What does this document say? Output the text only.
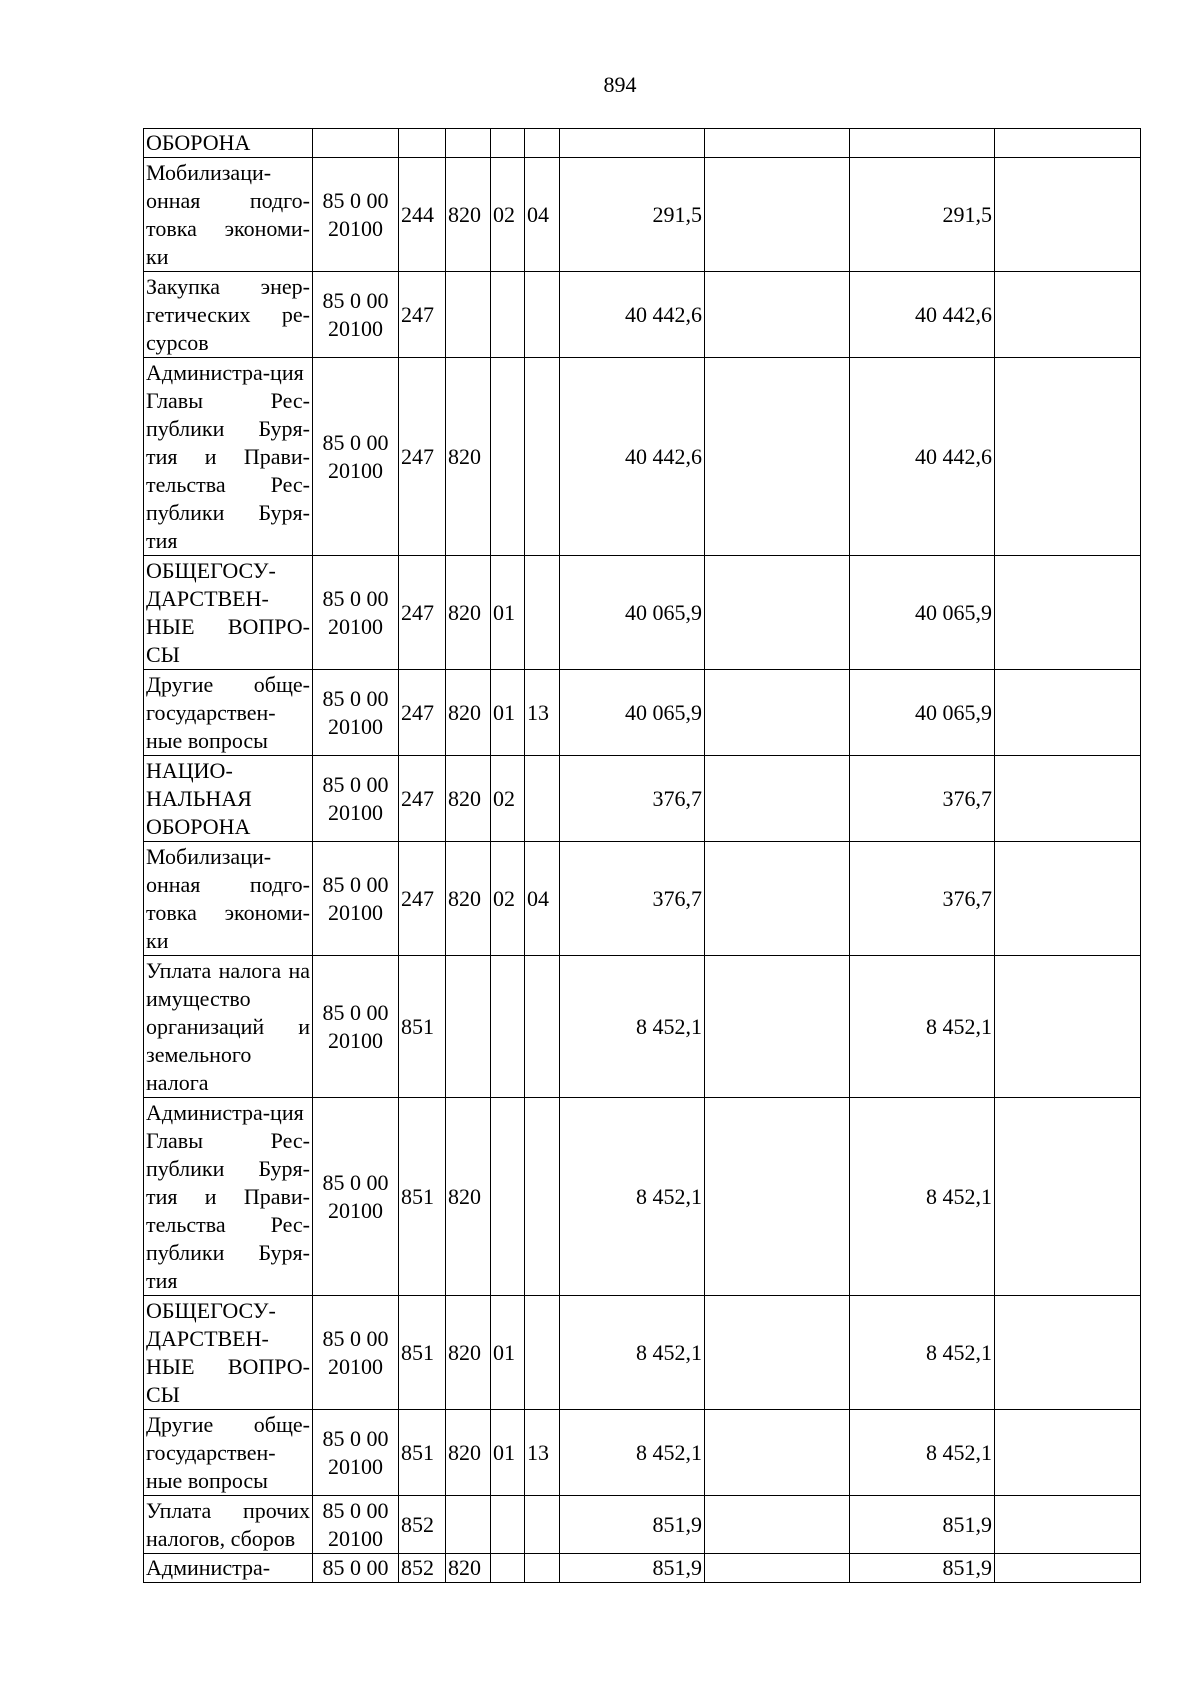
894
ОБОРОНА									
Мобилизаци-онная подго-товка экономи-ки	85 0 00 20100	244	820	02	04	291,5		291,5	
Закупка энер-гетических ре-сурсов	85 0 00 20100	247				40 442,6		40 442,6	
Администра-ция Главы Рес-публики Буря-тия и Прави-тельства Рес-публики Буря-тия	85 0 00 20100	247	820			40 442,6		40 442,6	
ОБЩЕГОСУ-ДАРСТВЕН-НЫЕ ВОПРО-СЫ	85 0 00 20100	247	820	01		40 065,9		40 065,9	
Другие обще-государствен-ные вопросы	85 0 00 20100	247	820	01	13	40 065,9		40 065,9	
НАЦИО-НАЛЬНАЯ ОБОРОНА	85 0 00 20100	247	820	02		376,7		376,7	
Мобилизаци-онная подго-товка экономи-ки	85 0 00 20100	247	820	02	04	376,7		376,7	
Уплата налога на имущество организаций и земельного налога	85 0 00 20100	851				8 452,1		8 452,1	
Администра-ция Главы Рес-публики Буря-тия и Прави-тельства Рес-публики Буря-тия	85 0 00 20100	851	820			8 452,1		8 452,1	
ОБЩЕГОСУ-ДАРСТВЕН-НЫЕ ВОПРО-СЫ	85 0 00 20100	851	820	01		8 452,1		8 452,1	
Другие обще-государствен-ные вопросы	85 0 00 20100	851	820	01	13	8 452,1		8 452,1	
Уплата прочих налогов, сборов	85 0 00 20100	852				851,9		851,9	
Администра-	85 0 00	852	820			851,9		851,9	
